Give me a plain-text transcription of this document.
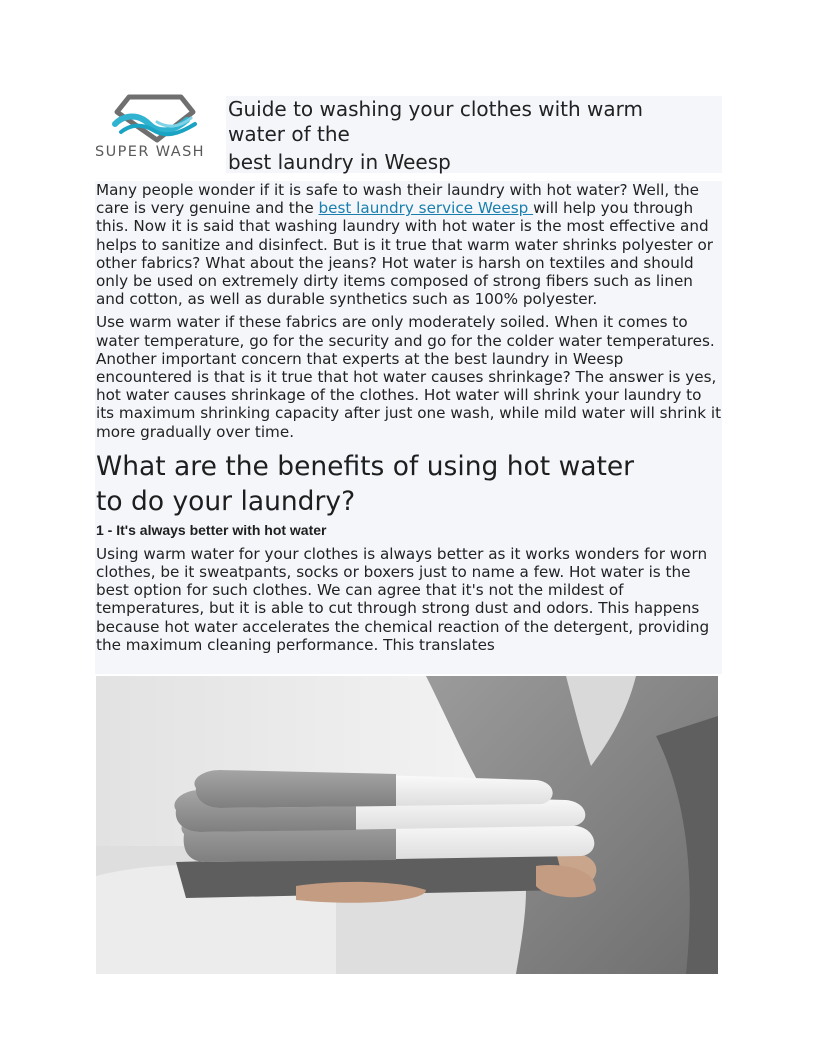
SUPER WASH
Guide to washing your clothes with warm
water of the
best laundry in Weesp

Many people wonder if it is safe to wash their laundry with hot water? Well, the care is very genuine and the best laundry service Weesp will help you through this. Now it is said that washing laundry with hot water is the most effective and helps to sanitize and disinfect. But is it true that warm water shrinks polyester or other fabrics? What about the jeans? Hot water is harsh on textiles and should only be used on extremely dirty items composed of strong fibers such as linen and cotton, as well as durable synthetics such as 100% polyester.

Use warm water if these fabrics are only moderately soiled. When it comes to water temperature, go for the security and go for the colder water temperatures. Another important concern that experts at the best laundry in Weesp encountered is that is it true that hot water causes shrinkage? The answer is yes, hot water causes shrinkage of the clothes. Hot water will shrink your laundry to its maximum shrinking capacity after just one wash, while mild water will shrink it more gradually over time.

What are the benefits of using hot water
to do your laundry?
1 - It's always better with hot water

Using warm water for your clothes is always better as it works wonders for worn clothes, be it sweatpants, socks or boxers just to name a few. Hot water is the best option for such clothes. We can agree that it's not the mildest of temperatures, but it is able to cut through strong dust and odors. This happens because hot water accelerates the chemical reaction of the detergent, providing the maximum cleaning performance. This translates
